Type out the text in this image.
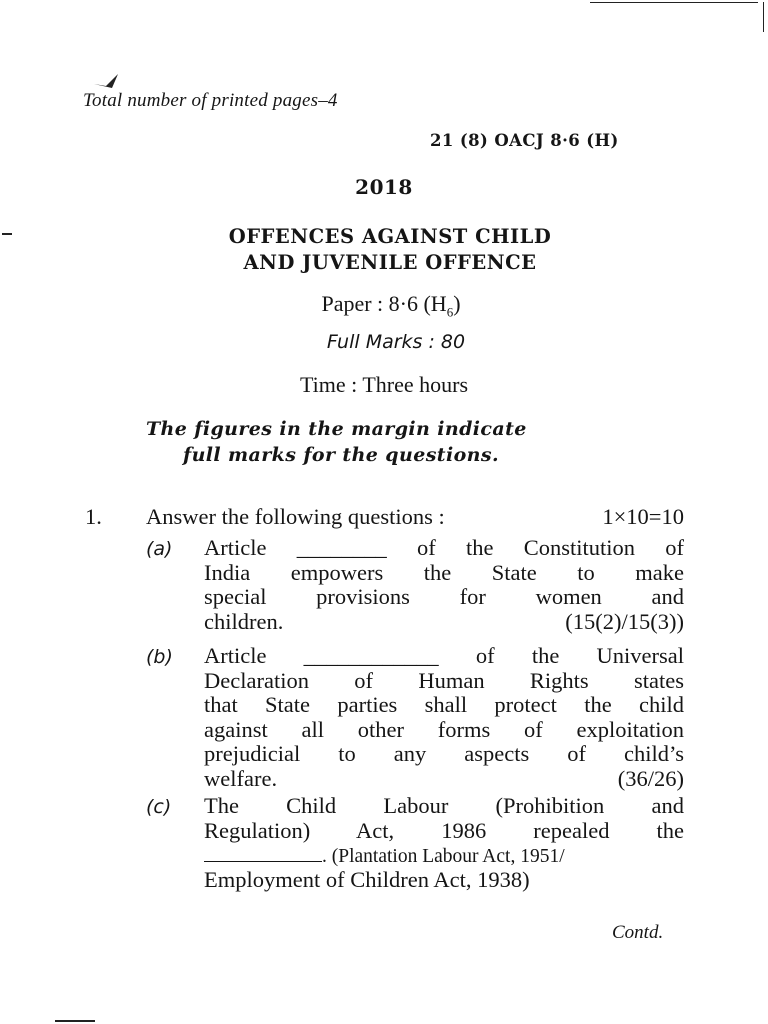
Total number of printed pages–4
21 (8) OACJ 8·6 (H)
2018
OFFENCES AGAINST CHILD
AND JUVENILE OFFENCE
Paper : 8·6 $(H_6)$
Full Marks : 80
Time : Three hours
The figures in the margin indicate
full marks for the questions.
1. Answer the following questions :	1×10=10
(a) Article ________ of the Constitution of
India empowers the State to make
special provisions for women and
children.	(15(2)/15(3))
(b) Article ____________ of the Universal
Declaration of Human Rights states
that State parties shall protect the child
against all other forms of exploitation
prejudicial to any aspects of child’s
welfare.	(36/26)
(c) The Child Labour (Prohibition and
Regulation) Act, 1986 repealed the
. (Plantation Labour Act, 1951/
Employment of Children Act, 1938)
Contd.
